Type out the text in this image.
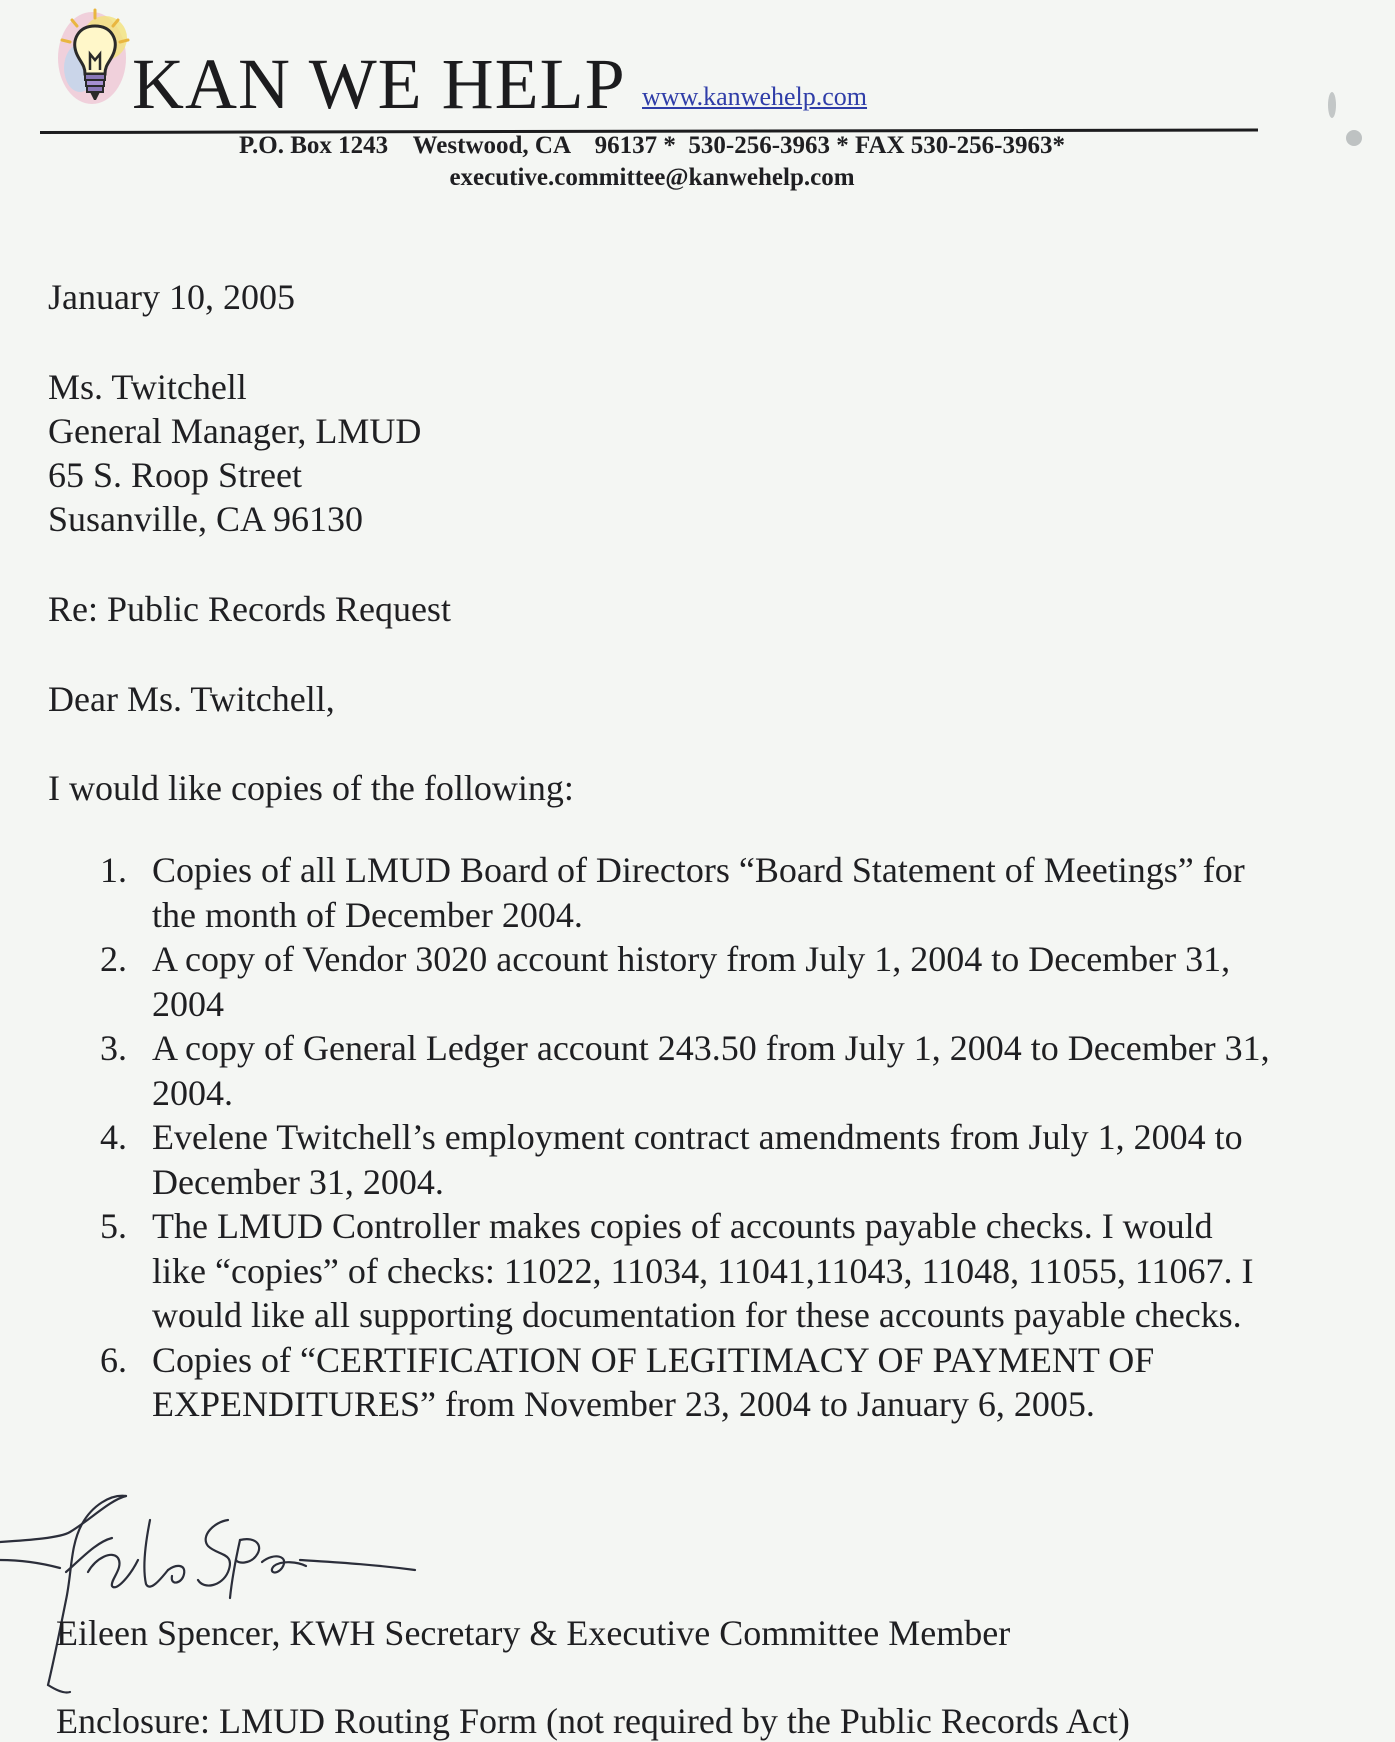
KAN WE HELP www.kanwehelp.com
P.O. Box 1243    Westwood, CA    96137 *  530-256-3963 * FAX 530-256-3963*
executive.committee@kanwehelp.com
January 10, 2005
Ms. Twitchell
General Manager, LMUD
65 S. Roop Street
Susanville, CA 96130
Re: Public Records Request
Dear Ms. Twitchell,
I would like copies of the following:
1. Copies of all LMUD Board of Directors “Board Statement of Meetings” for the month of December 2004.
2. A copy of Vendor 3020 account history from July 1, 2004 to December 31, 2004
3. A copy of General Ledger account 243.50 from July 1, 2004 to December 31, 2004.
4. Evelene Twitchell’s employment contract amendments from July 1, 2004 to December 31, 2004.
5. The LMUD Controller makes copies of accounts payable checks. I would like “copies” of checks: 11022, 11034, 11041,11043, 11048, 11055, 11067. I would like all supporting documentation for these accounts payable checks.
6. Copies of “CERTIFICATION OF LEGITIMACY OF PAYMENT OF EXPENDITURES” from November 23, 2004 to January 6, 2005.
Eileen Spencer, KWH Secretary & Executive Committee Member
Enclosure: LMUD Routing Form (not required by the Public Records Act)
